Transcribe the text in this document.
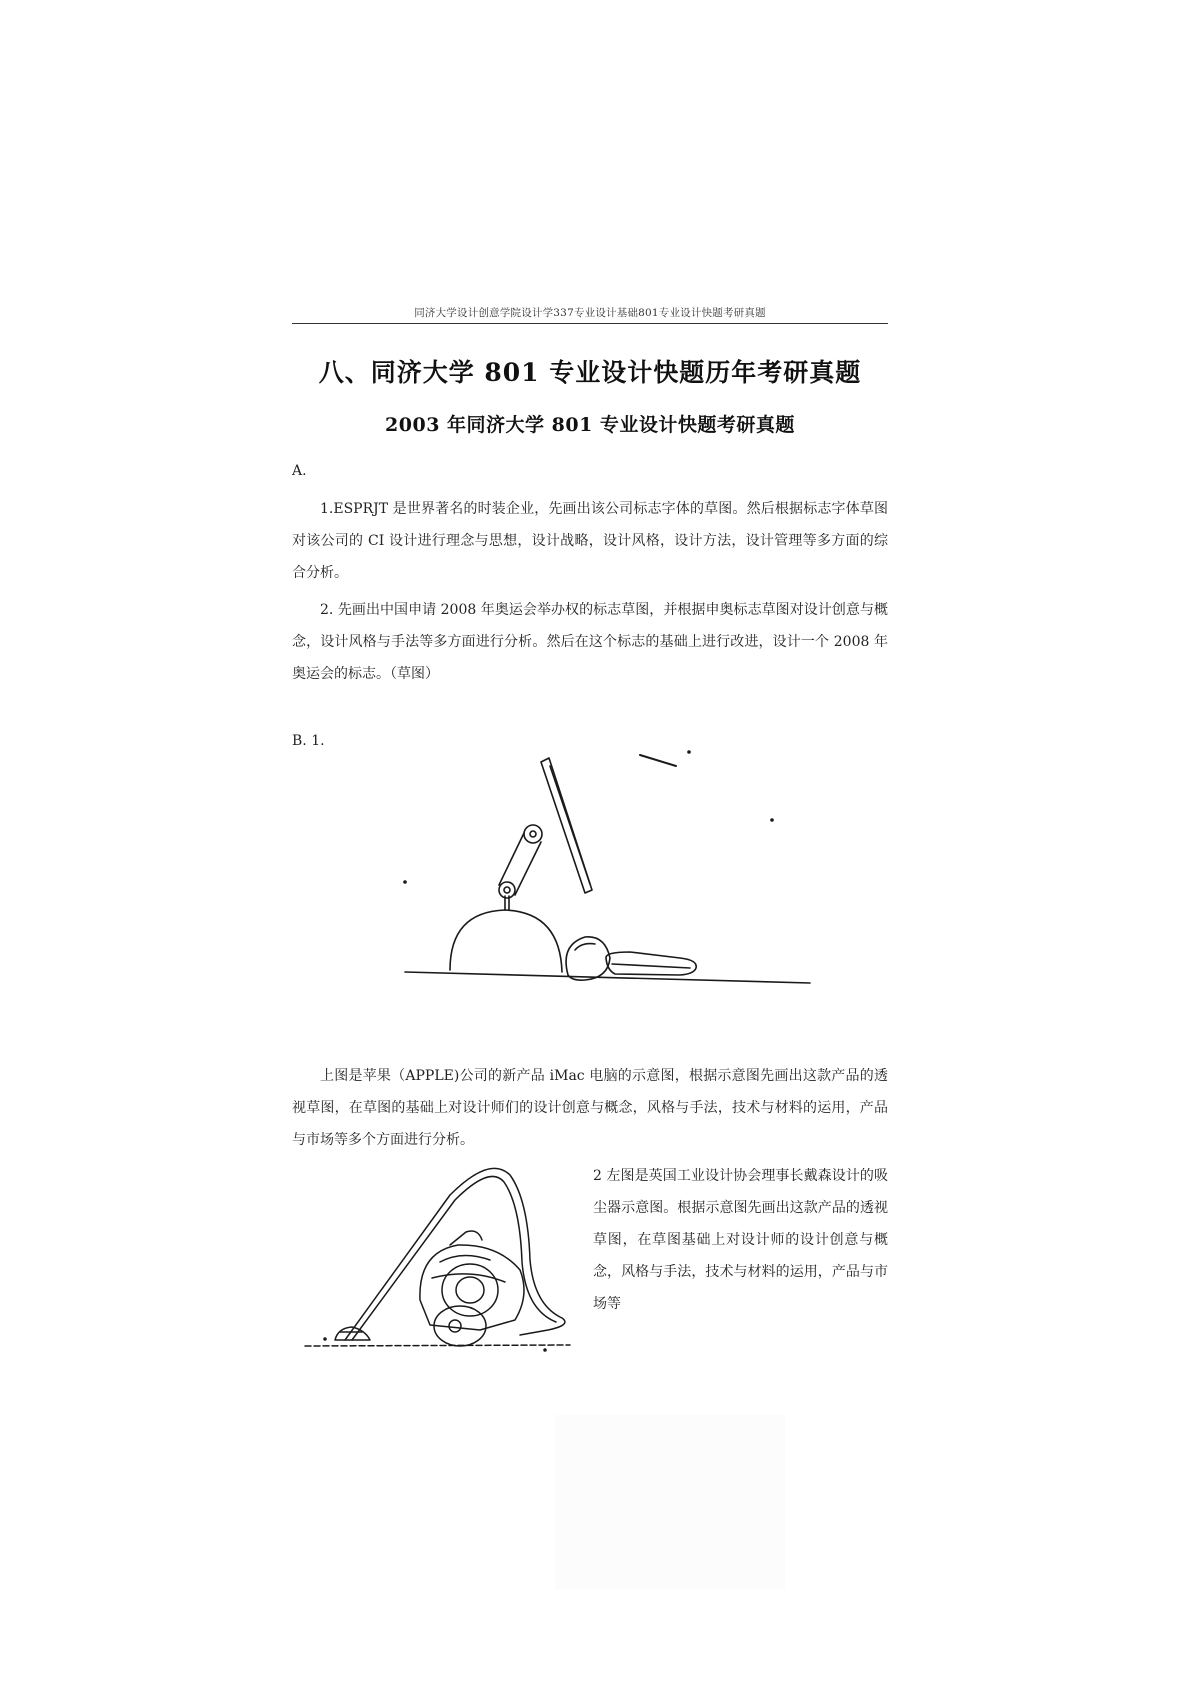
同济大学设计创意学院设计学337专业设计基础801专业设计快题考研真题
八、同济大学 801 专业设计快题历年考研真题
2003 年同济大学 801 专业设计快题考研真题
A.

1.ESPRJT 是世界著名的时装企业，先画出该公司标志字体的草图。然后根据标志字体草图对该公司的 CI 设计进行理念与思想，设计战略，设计风格，设计方法，设计管理等多方面的综合分析。

2. 先画出中国申请 2008 年奥运会举办权的标志草图，并根据申奥标志草图对设计创意与概念，设计风格与手法等多方面进行分析。然后在这个标志的基础上进行改进，设计一个 2008 年奥运会的标志。（草图）

B. 1.

上图是苹果（APPLE)公司的新产品 iMac 电脑的示意图，根据示意图先画出这款产品的透视草图，在草图的基础上对设计师们的设计创意与概念，风格与手法，技术与材料的运用，产品与市场等多个方面进行分析。

2 左图是英国工业设计协会理事长戴森设计的吸尘器示意图。根据示意图先画出这款产品的透视草图，在草图基础上对设计师的设计创意与概念，风格与手法，技术与材料的运用，产品与市场等
